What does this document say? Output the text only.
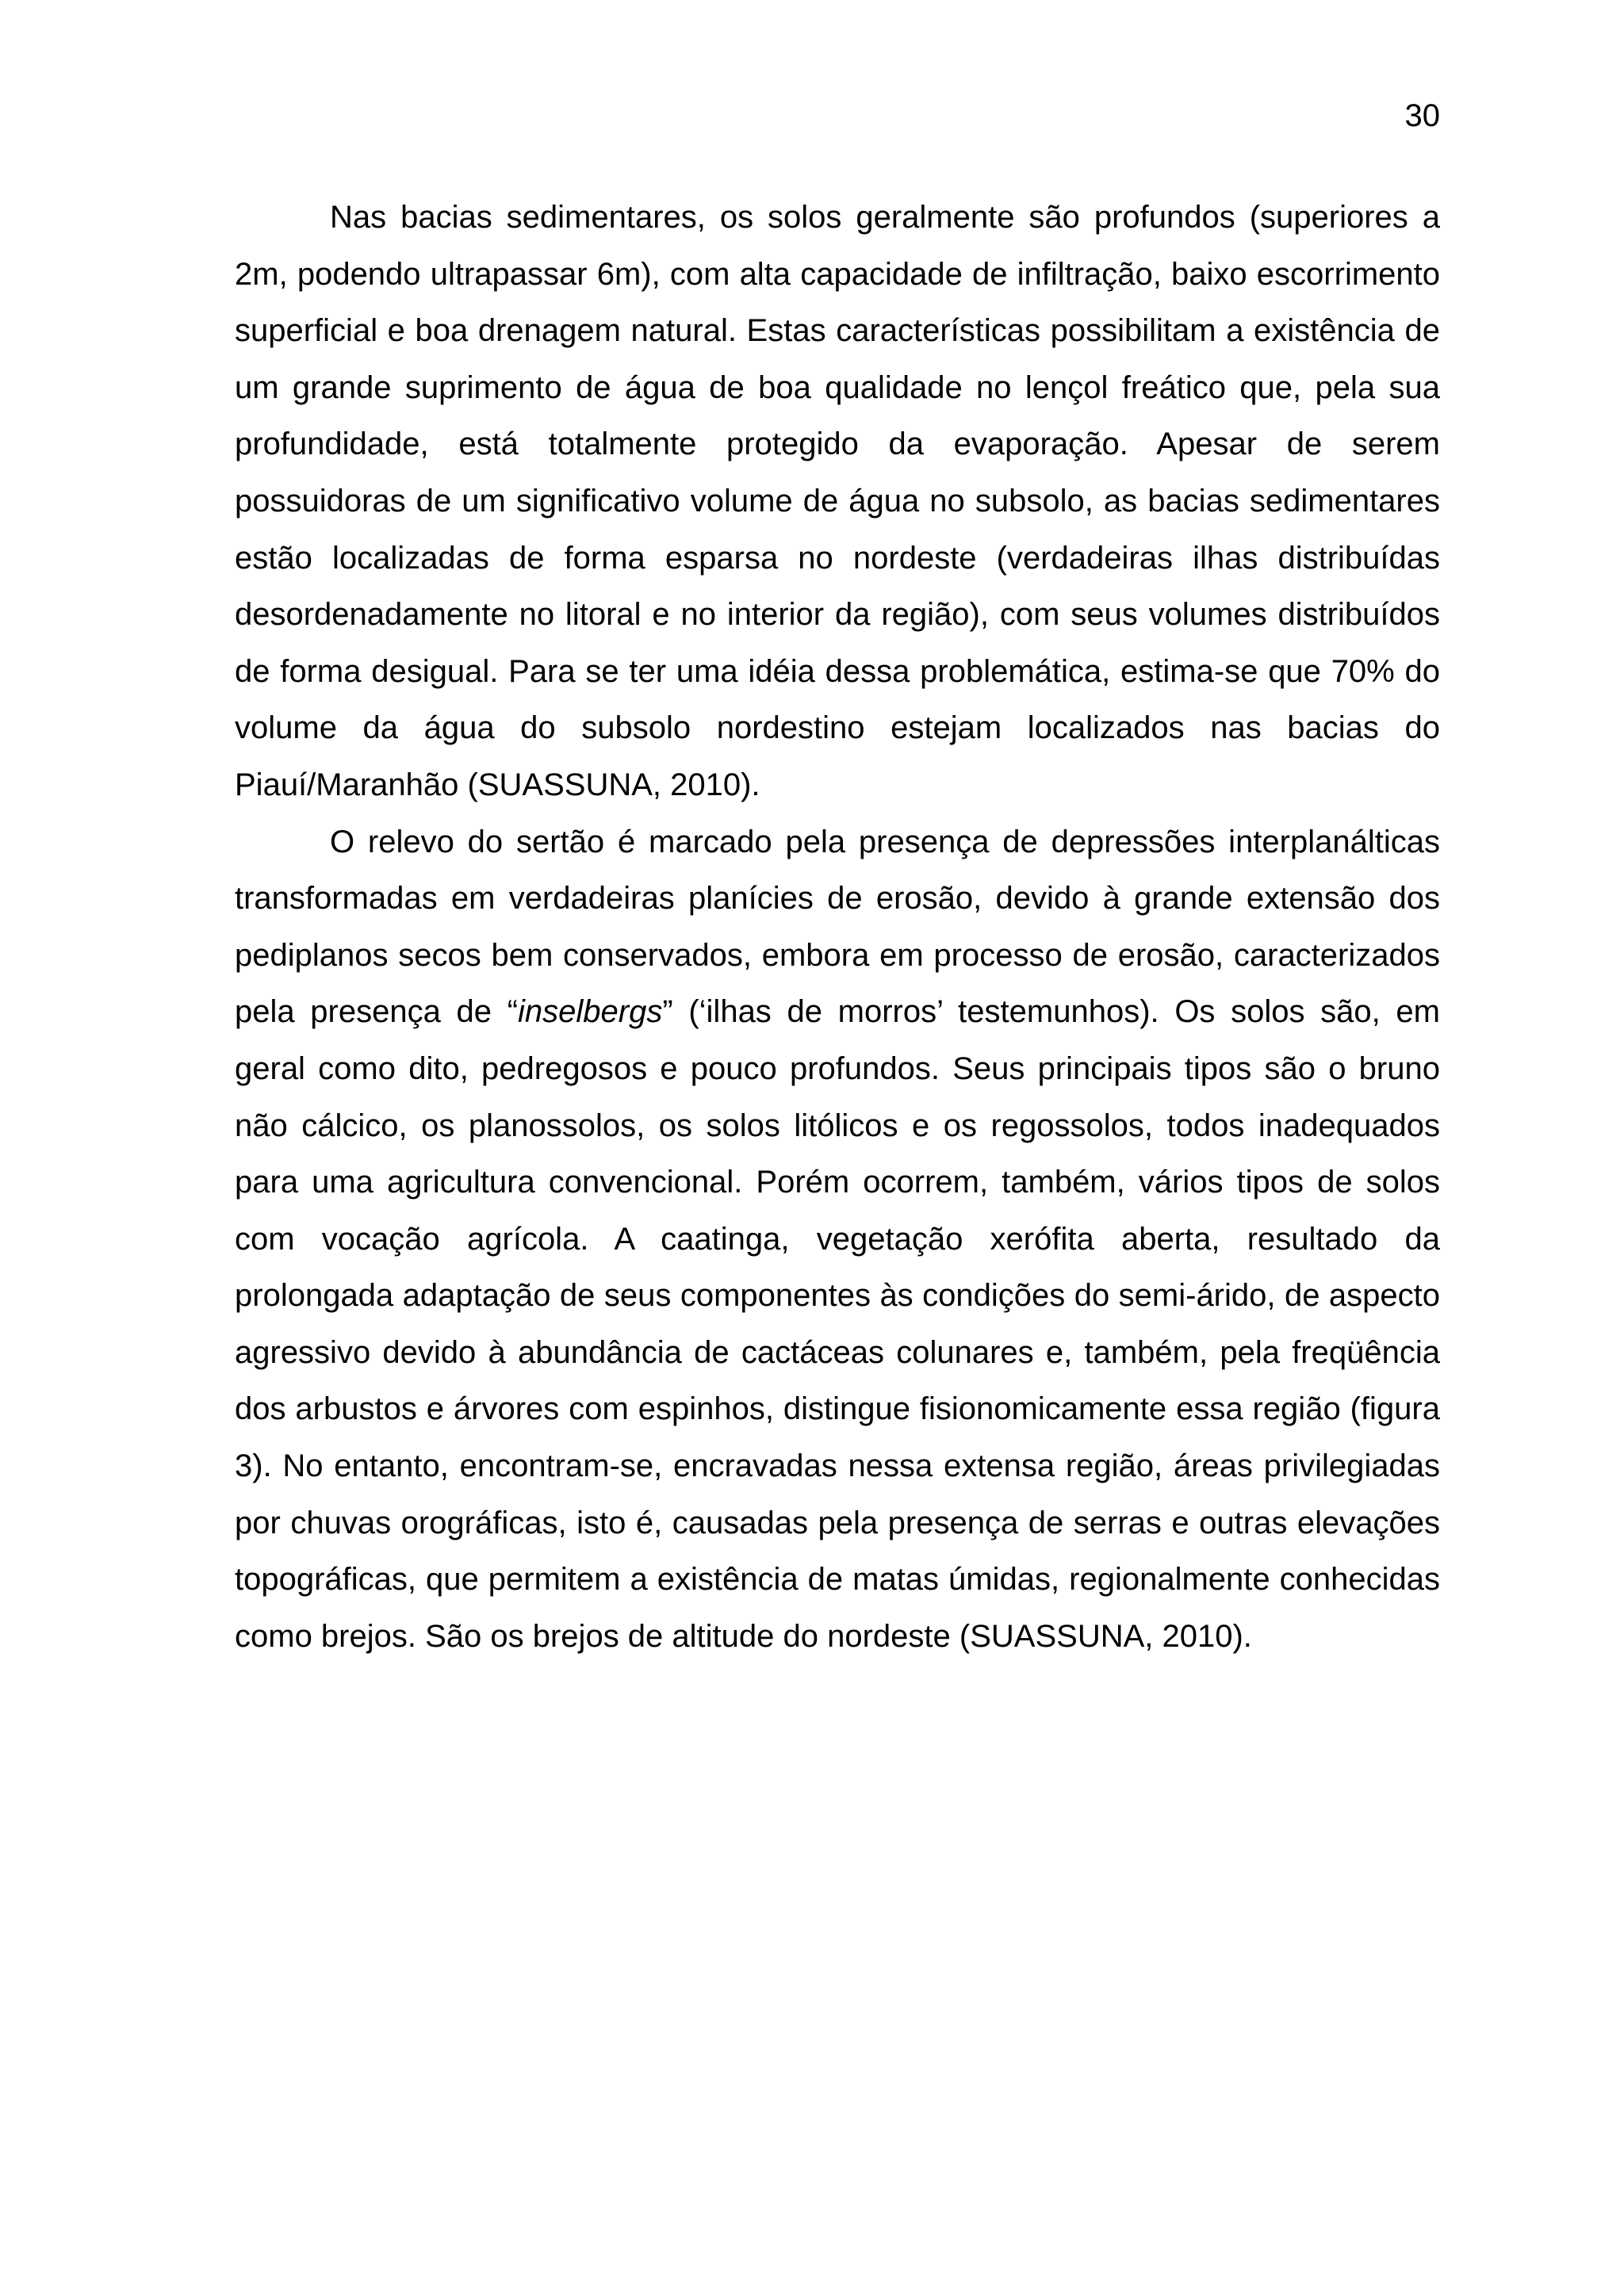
30

Nas bacias sedimentares, os solos geralmente são profundos (superiores a 2m, podendo ultrapassar 6m), com alta capacidade de infiltração, baixo escorrimento superficial e boa drenagem natural. Estas características possibilitam a existência de um grande suprimento de água de boa qualidade no lençol freático que, pela sua profundidade, está totalmente protegido da evaporação. Apesar de serem possuidoras de um significativo volume de água no subsolo, as bacias sedimentares estão localizadas de forma esparsa no nordeste (verdadeiras ilhas distribuídas desordenadamente no litoral e no interior da região), com seus volumes distribuídos de forma desigual. Para se ter uma idéia dessa problemática, estima-se que 70% do volume da água do subsolo nordestino estejam localizados nas bacias do Piauí/Maranhão (SUASSUNA, 2010).

O relevo do sertão é marcado pela presença de depressões interplanálticas transformadas em verdadeiras planícies de erosão, devido à grande extensão dos pediplanos secos bem conservados, embora em processo de erosão, caracterizados pela presença de “inselbergs” (‘ilhas de morros’ testemunhos). Os solos são, em geral como dito, pedregosos e pouco profundos. Seus principais tipos são o bruno não cálcico, os planossolos, os solos litólicos e os regossolos, todos inadequados para uma agricultura convencional. Porém ocorrem, também, vários tipos de solos com vocação agrícola. A caatinga, vegetação xerófita aberta, resultado da prolongada adaptação de seus componentes às condições do semi-árido, de aspecto agressivo devido à abundância de cactáceas colunares e, também, pela freqüência dos arbustos e árvores com espinhos, distingue fisionomicamente essa região (figura 3). No entanto, encontram-se, encravadas nessa extensa região, áreas privilegiadas por chuvas orográficas, isto é, causadas pela presença de serras e outras elevações topográficas, que permitem a existência de matas úmidas, regionalmente conhecidas como brejos. São os brejos de altitude do nordeste (SUASSUNA, 2010).
